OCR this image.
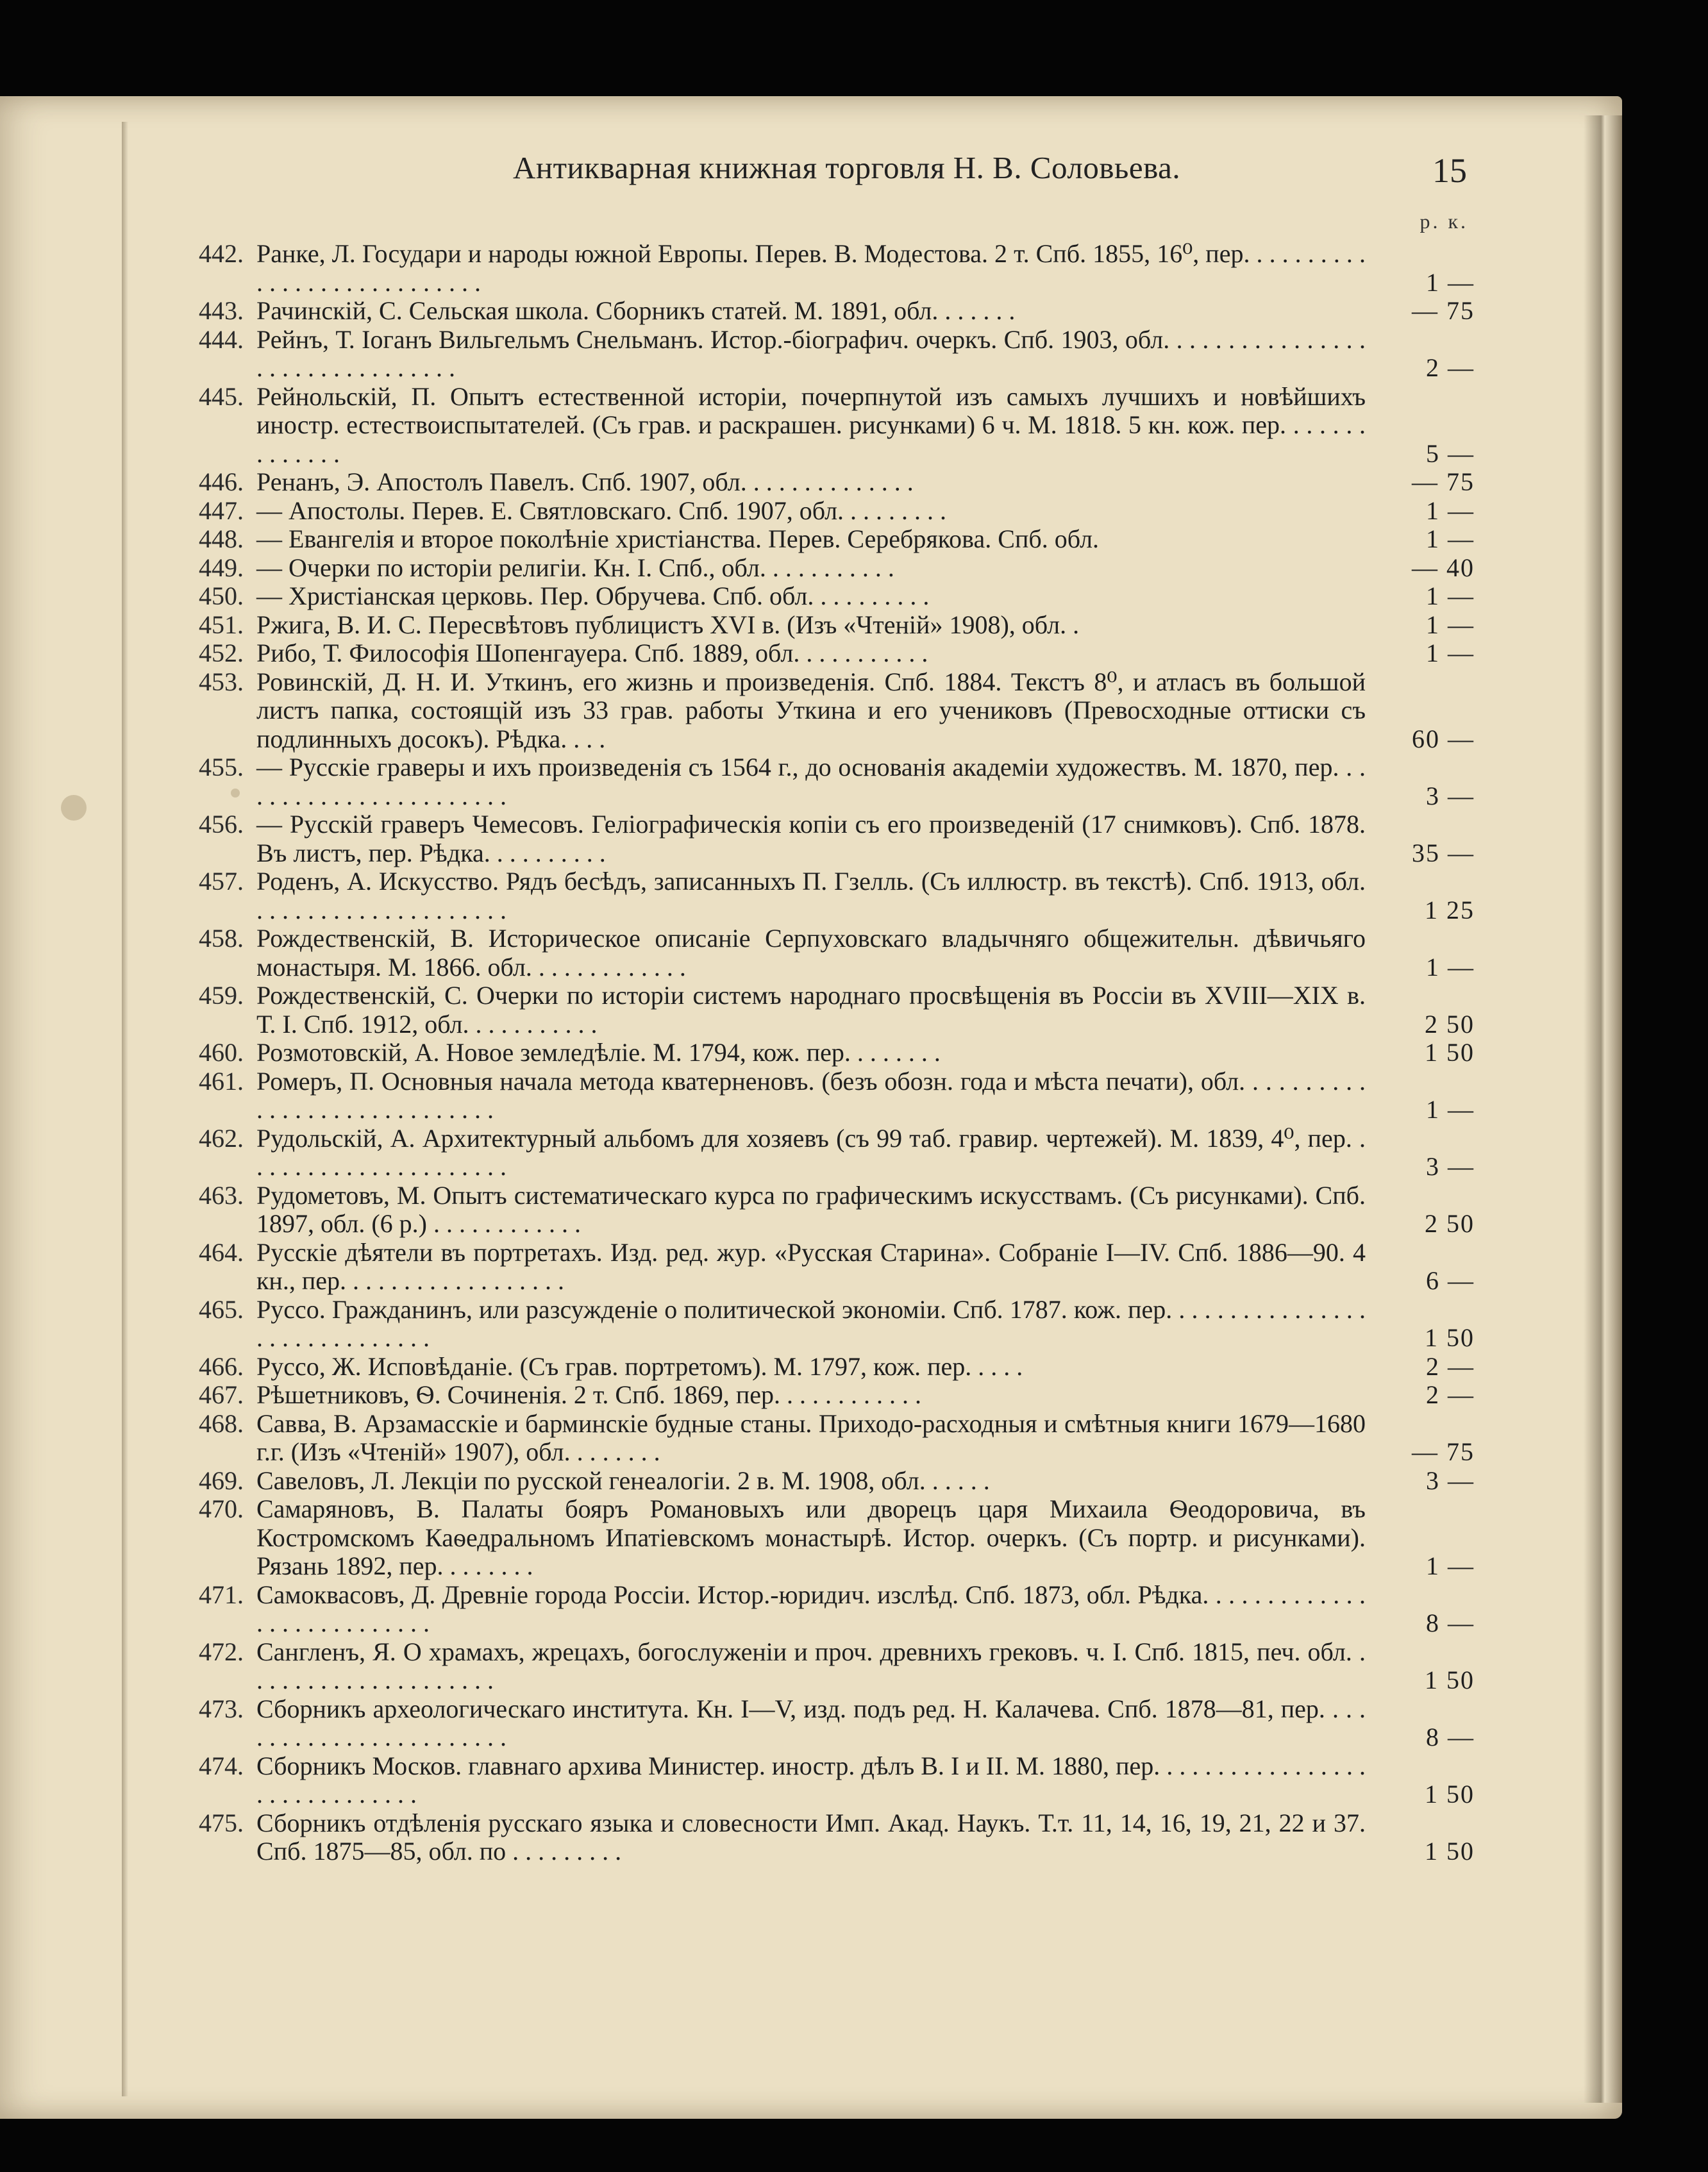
Антикварная книжная торговля Н. В. Соловьева.	15
р. к.
442. Ранке, Л. Государи и народы южной Европы. Перев. В. Модестова. 2 т. Спб. 1855, 16⁰, пер. . . . . . . . . . . . . . . . . . . . . . . . . . . .	1 —
443. Рачинскій, С. Сельская школа. Сборникъ статей. М. 1891, обл. . . . . . .	— 75
444. Рейнъ, Т. Іоганъ Вильгельмъ Снельманъ. Истор.-біографич. очеркъ. Спб. 1903, обл. . . . . . . . . . . . . . . . . . . . . . . . . . . . . . . .	2 —
445. Рейнольскій, П. Опытъ естественной исторіи, почерпнутой изъ самыхъ лучшихъ и новѣйшихъ иностр. естествоиспытателей. (Съ грав. и раскрашен. рисунками) 6 ч. М. 1818. 5 кн. кож. пер. . . . . . . . . . . . . .	5 —
446. Ренанъ, Э. Апостолъ Павелъ. Спб. 1907, обл. . . . . . . . . . . . . .	— 75
447. — Апостолы. Перев. Е. Святловскаго. Спб. 1907, обл. . . . . . . . .	1 —
448. — Евангелія и второе поколѣніе христіанства. Перев. Серебрякова. Спб. обл.	1 —
449. — Очерки по исторіи религіи. Кн. I. Спб., обл. . . . . . . . . . .	— 40
450. — Христіанская церковь. Пер. Обручева. Спб. обл. . . . . . . . . .	1 —
451. Ржига, В. И. С. Пересвѣтовъ публицистъ XVI в. (Изъ «Чтеній» 1908), обл. .	1 —
452. Рибо, Т. Философія Шопенгауера. Спб. 1889, обл. . . . . . . . . . .	1 —
453. Ровинскій, Д. Н. И. Уткинъ, его жизнь и произведенія. Спб. 1884. Текстъ 8⁰, и атласъ въ большой листъ папка, состоящій изъ 33 грав. работы Уткина и его учениковъ (Превосходные оттиски съ подлинныхъ досокъ). Рѣдка. . . .	60 —
455. — Русскіе граверы и ихъ произведенія съ 1564 г., до основанія академіи художествъ. М. 1870, пер. . . . . . . . . . . . . . . . . . . . . . .	3 —
456. — Русскій граверъ Чемесовъ. Геліографическія копіи съ его произведеній (17 снимковъ). Спб. 1878. Въ листъ, пер. Рѣдка. . . . . . . . . .	35 —
457. Роденъ, А. Искусство. Рядъ бесѣдъ, записанныхъ П. Гзелль. (Съ иллюстр. въ текстѣ). Спб. 1913, обл. . . . . . . . . . . . . . . . . . . . .	1 25
458. Рождественскій, В. Историческое описаніе Серпуховскаго владычняго общежительн. дѣвичьяго монастыря. М. 1866. обл. . . . . . . . . . . . .	1 —
459. Рождественскій, С. Очерки по исторіи системъ народнаго просвѣщенія въ Россіи въ XVIII—XIX в. Т. I. Спб. 1912, обл. . . . . . . . . . .	2 50
460. Розмотовскій, А. Новое земледѣліе. М. 1794, кож. пер. . . . . . . .	1 50
461. Ромеръ, П. Основныя начала метода кватерненовъ. (безъ обозн. года и мѣста печати), обл. . . . . . . . . . . . . . . . . . . . . . . . . . . . .	1 —
462. Рудольскій, А. Архитектурный альбомъ для хозяевъ (съ 99 таб. гравир. чертежей). М. 1839, 4⁰, пер. . . . . . . . . . . . . . . . . . . . . .	3 —
463. Рудометовъ, М. Опытъ систематическаго курса по графическимъ искусствамъ. (Съ рисунками). Спб. 1897, обл. (6 р.) . . . . . . . . . . . .	2 50
464. Русскіе дѣятели въ портретахъ. Изд. ред. жур. «Русская Старина». Собраніе I—IV. Спб. 1886—90. 4 кн., пер. . . . . . . . . . . . . . . . . .	6 —
465. Руссо. Гражданинъ, или разсужденіе о политической экономіи. Спб. 1787. кож. пер. . . . . . . . . . . . . . . . . . . . . . . . . . . . . .	1 50
466. Руссо, Ж. Исповѣданіе. (Съ грав. портретомъ). М. 1797, кож. пер. . . . .	2 —
467. Рѣшетниковъ, Ѳ. Сочиненія. 2 т. Спб. 1869, пер. . . . . . . . . . . .	2 —
468. Савва, В. Арзамасскіе и барминскіе будные станы. Приходо-расходныя и смѣтныя книги 1679—1680 г.г. (Изъ «Чтеній» 1907), обл. . . . . . . .	— 75
469. Савеловъ, Л. Лекціи по русской генеалогіи. 2 в. М. 1908, обл. . . . . .	3 —
470. Самаряновъ, В. Палаты бояръ Романовыхъ или дворецъ царя Михаила Ѳеодоровича, въ Костромскомъ Каѳедральномъ Ипатіевскомъ монастырѣ. Истор. очеркъ. (Съ портр. и рисунками). Рязань 1892, пер. . . . . . . .	1 —
471. Самоквасовъ, Д. Древніе города Россіи. Истор.-юридич. изслѣд. Спб. 1873, обл. Рѣдка. . . . . . . . . . . . . . . . . . . . . . . . . . .	8 —
472. Сангленъ, Я. О храмахъ, жрецахъ, богослуженіи и проч. древнихъ грековъ. ч. I. Спб. 1815, печ. обл. . . . . . . . . . . . . . . . . . . . .	1 50
473. Сборникъ археологическаго института. Кн. I—V, изд. подъ ред. Н. Калачева. Спб. 1878—81, пер. . . . . . . . . . . . . . . . . . . . . . . .	8 —
474. Сборникъ Москов. главнаго архива Министер. иностр. дѣлъ В. I и II. М. 1880, пер. . . . . . . . . . . . . . . . . . . . . . . . . . . . . .	1 50
475. Сборникъ отдѣленія русскаго языка и словесности Имп. Акад. Наукъ. Т.т. 11, 14, 16, 19, 21, 22 и 37. Спб. 1875—85, обл. по . . . . . . . . .	1 50
